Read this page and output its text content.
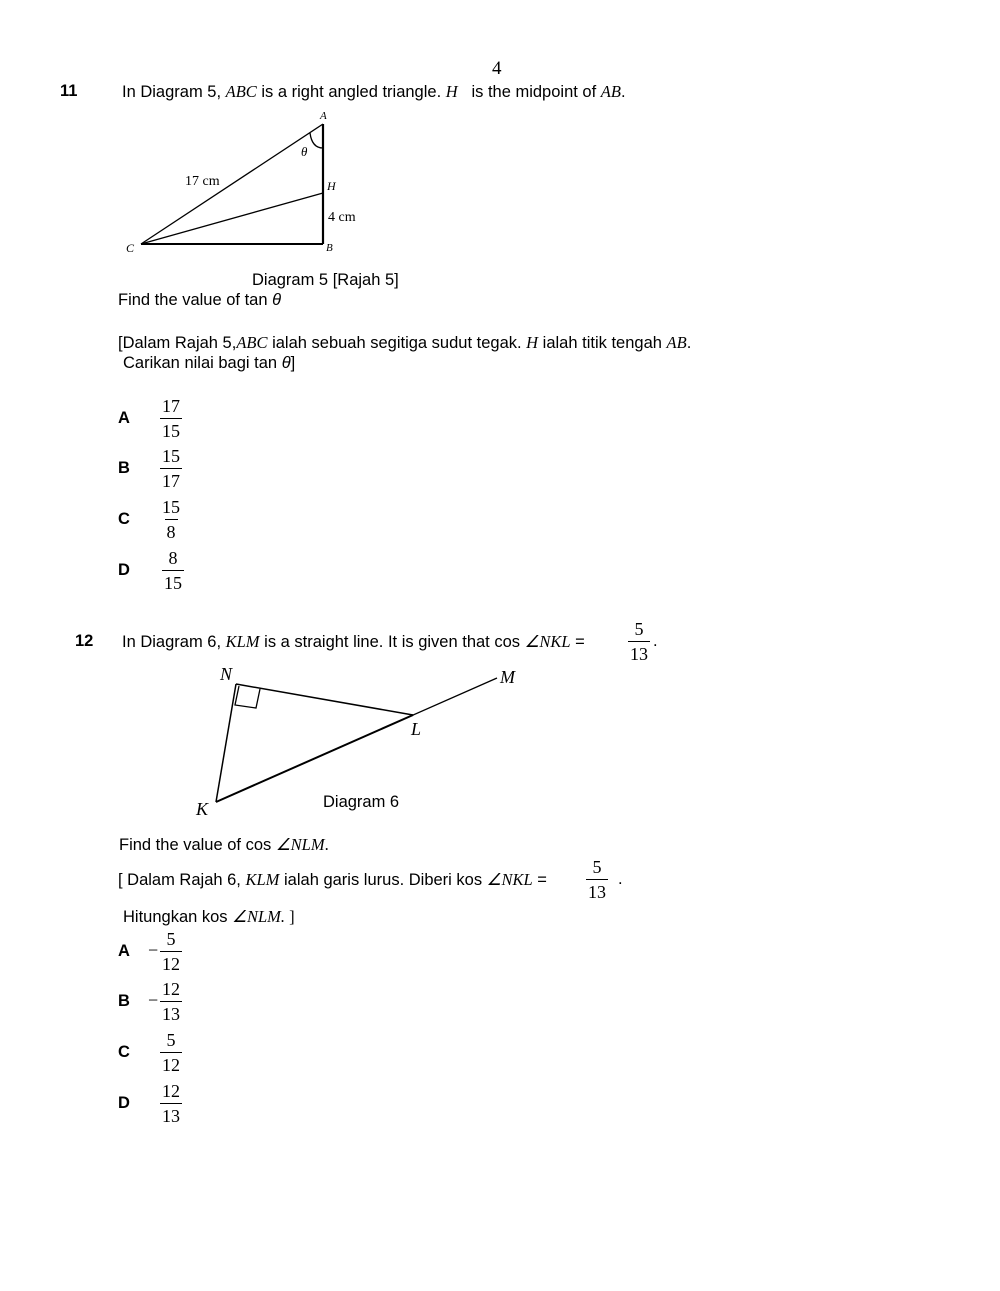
4
11	In Diagram 5, ABC is a right angled triangle. H is the midpoint of AB.
A
B
C
H
θ
17 cm
4 cm
Diagram 5 [Rajah 5]
Find the value of tan θ
[Dalam Rajah 5,ABC ialah sebuah segitiga sudut tegak. H ialah titik tengah AB.
Carikan nilai bagi tan θ]
A $\frac{17}{15}$
B $\frac{15}{17}$
C $\frac{15}{8}$
D $\frac{8}{15}$
12 In Diagram 6, KLM is a straight line. It is given that cos ∠NKL = $\frac{5}{13}$ .
N	M
L
K	Diagram 6
Find the value of cos ∠NLM.
[ Dalam Rajah 6, KLM ialah garis lurus. Diberi kos ∠NKL = $\frac{5}{13}$ .
Hitungkan kos ∠NLM. ]
$A - \frac{5}{12}$
$B - \frac{12}{13}$
C $\frac{5}{12}$
D $\frac{12}{13}$
